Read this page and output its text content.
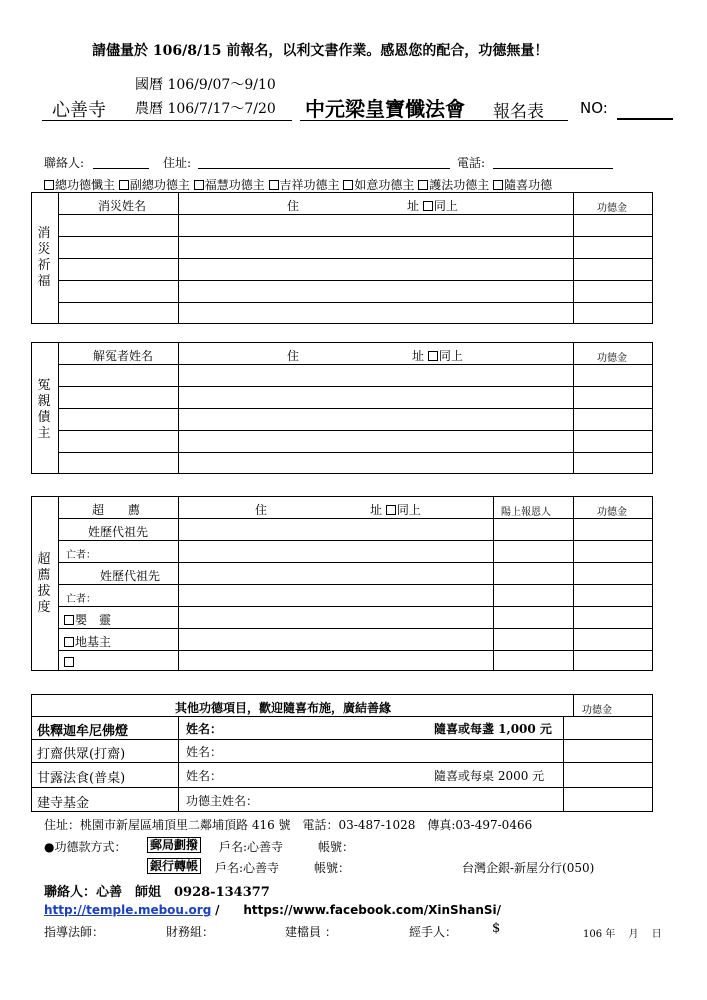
請儘量於 106/8/15 前報名，以利文書作業。感恩您的配合，功德無量！
國曆 106/9/07～9/10
心善寺 農曆 106/7/17～7/20 中元梁皇寶懺法會 報名表 NO:
聯絡人:	住址:	電話:
總功德懺主 副總功德主 福慧功德主 吉祥功德主 如意功德主 護法功德主 隨喜功德
消災祈福
消災姓名	住	址 同上	功德金
冤親債主
解冤者姓名	住	址 同上	功德金
超薦拔度
超　　 薦	住	址 同上	陽上報恩人	功德金
姓歷代祖先
亡者：
姓歷代祖先
亡者：
嬰　靈
地基主
其他功德項目，歡迎隨喜布施，廣結善緣	功德金
供釋迦牟尼佛燈	姓名：	隨喜或每盞 1,000 元
打齋供眾(打齋)	姓名：
甘露法食(普桌)	姓名：	隨喜或每桌 2000 元
建寺基金	功德主姓名：
住址：桃園市新屋區埔頂里二鄰埔頂路 416 號　電話：03-487-1028　傳真:03-497-0466
●功德款方式： 郵局劃撥 戶名:心善寺	帳號：
銀行轉帳 戶名:心善寺	帳號：	台灣企銀-新屋分行(050)
聯絡人：心善　師姐　0928-134377
http://temple.mebou.org / https://www.facebook.com/XinShanSi/
指導法師：	財務組：	建檔員 ：	經手人：	$	106 年　 月　 日
